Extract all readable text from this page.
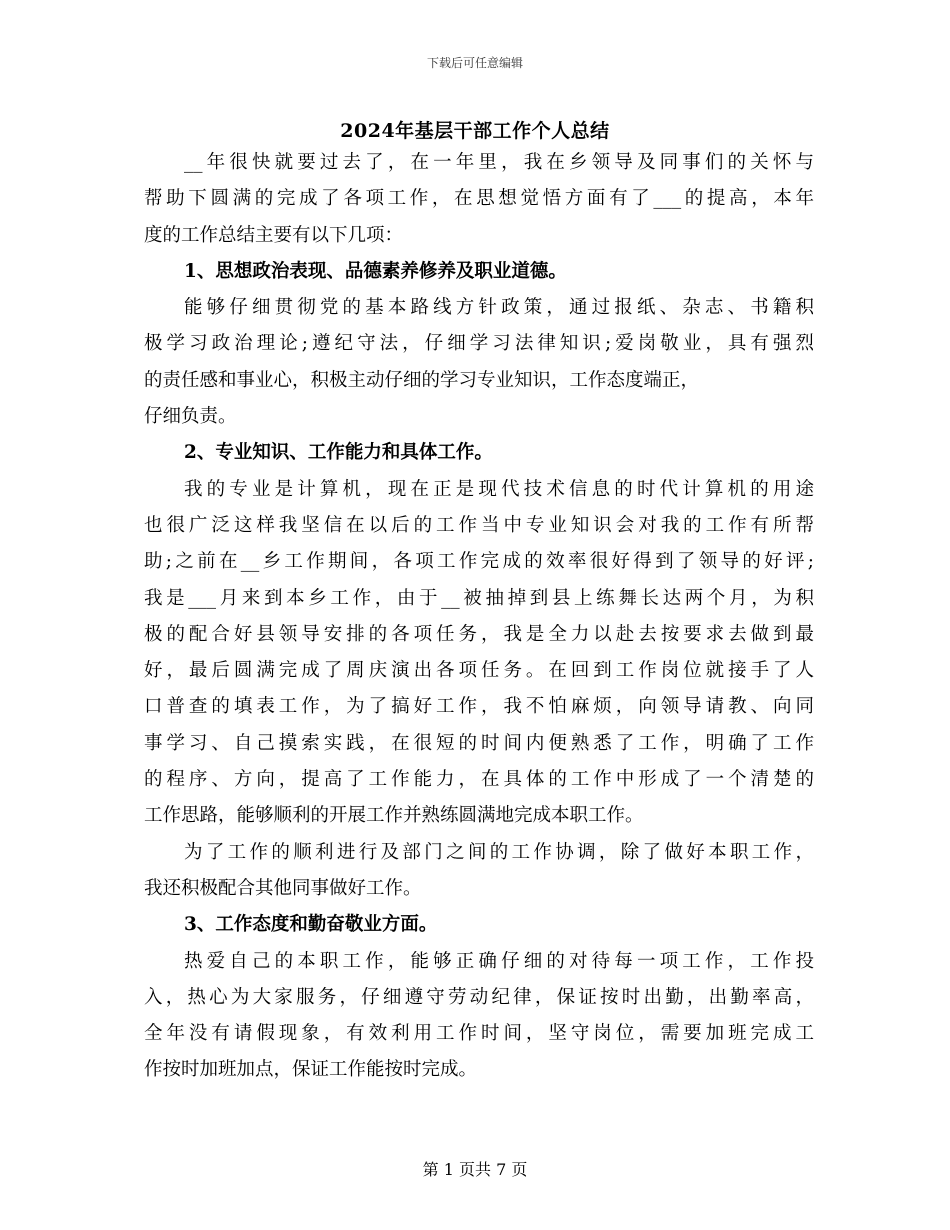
下载后可任意编辑
2024年基层干部工作个人总结
__年很快就要过去了，在一年里，我在乡领导及同事们的关怀与
帮助下圆满的完成了各项工作，在思想觉悟方面有了___的提高，本年
度的工作总结主要有以下几项：
1、思想政治表现、品德素养修养及职业道德。
能够仔细贯彻党的基本路线方针政策，通过报纸、杂志、书籍积
极学习政治理论;遵纪守法，仔细学习法律知识;爱岗敬业，具有强烈
的责任感和事业心，积极主动仔细的学习专业知识，工作态度端正，
仔细负责。
2、专业知识、工作能力和具体工作。
我的专业是计算机，现在正是现代技术信息的时代计算机的用途
也很广泛这样我坚信在以后的工作当中专业知识会对我的工作有所帮
助;之前在__乡工作期间，各项工作完成的效率很好得到了领导的好评;
我是___月来到本乡工作，由于__被抽掉到县上练舞长达两个月，为积
极的配合好县领导安排的各项任务，我是全力以赴去按要求去做到最
好，最后圆满完成了周庆演出各项任务。在回到工作岗位就接手了人
口普查的填表工作，为了搞好工作，我不怕麻烦，向领导请教、向同
事学习、自己摸索实践，在很短的时间内便熟悉了工作，明确了工作
的程序、方向，提高了工作能力，在具体的工作中形成了一个清楚的
工作思路，能够顺利的开展工作并熟练圆满地完成本职工作。
为了工作的顺利进行及部门之间的工作协调，除了做好本职工作，
我还积极配合其他同事做好工作。
3、工作态度和勤奋敬业方面。
热爱自己的本职工作，能够正确仔细的对待每一项工作，工作投
入，热心为大家服务，仔细遵守劳动纪律，保证按时出勤，出勤率高，
全年没有请假现象，有效利用工作时间，坚守岗位，需要加班完成工
作按时加班加点，保证工作能按时完成。
第 1 页共 7 页
